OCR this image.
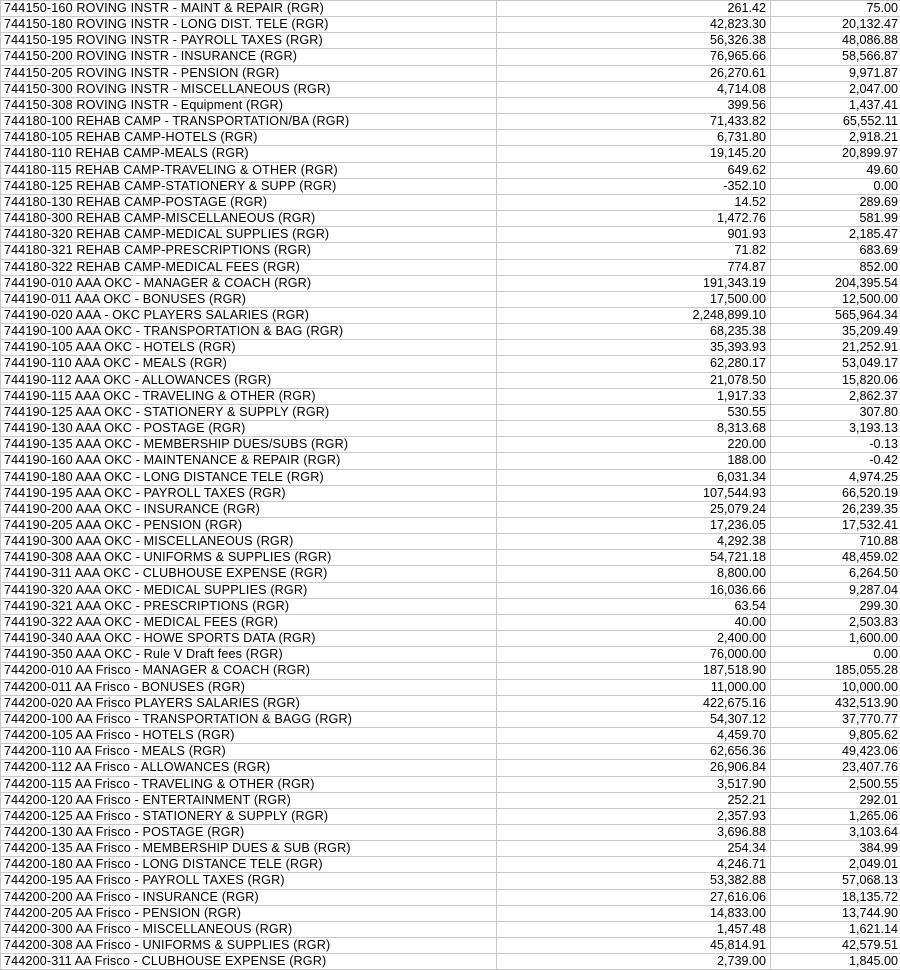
744150-160 ROVING INSTR - MAINT & REPAIR (RGR)	261.42	75.00
744150-180 ROVING INSTR - LONG DIST. TELE (RGR)	42,823.30	20,132.47
744150-195 ROVING INSTR - PAYROLL TAXES (RGR)	56,326.38	48,086.88
744150-200 ROVING INSTR - INSURANCE (RGR)	76,965.66	58,566.87
744150-205 ROVING INSTR - PENSION (RGR)	26,270.61	9,971.87
744150-300 ROVING INSTR - MISCELLANEOUS (RGR)	4,714.08	2,047.00
744150-308 ROVING INSTR - Equipment (RGR)	399.56	1,437.41
744180-100 REHAB CAMP - TRANSPORTATION/BA (RGR)	71,433.82	65,552.11
744180-105 REHAB CAMP-HOTELS (RGR)	6,731.80	2,918.21
744180-110 REHAB CAMP-MEALS (RGR)	19,145.20	20,899.97
744180-115 REHAB CAMP-TRAVELING & OTHER (RGR)	649.62	49.60
744180-125 REHAB CAMP-STATIONERY & SUPP (RGR)	-352.10	0.00
744180-130 REHAB CAMP-POSTAGE (RGR)	14.52	289.69
744180-300 REHAB CAMP-MISCELLANEOUS (RGR)	1,472.76	581.99
744180-320 REHAB CAMP-MEDICAL SUPPLIES (RGR)	901.93	2,185.47
744180-321 REHAB CAMP-PRESCRIPTIONS (RGR)	71.82	683.69
744180-322 REHAB CAMP-MEDICAL FEES (RGR)	774.87	852.00
744190-010 AAA OKC - MANAGER & COACH (RGR)	191,343.19	204,395.54
744190-011 AAA OKC - BONUSES (RGR)	17,500.00	12,500.00
744190-020 AAA - OKC PLAYERS SALARIES (RGR)	2,248,899.10	565,964.34
744190-100 AAA OKC - TRANSPORTATION & BAG (RGR)	68,235.38	35,209.49
744190-105 AAA OKC - HOTELS (RGR)	35,393.93	21,252.91
744190-110 AAA OKC - MEALS (RGR)	62,280.17	53,049.17
744190-112 AAA OKC - ALLOWANCES (RGR)	21,078.50	15,820.06
744190-115 AAA OKC - TRAVELING & OTHER (RGR)	1,917.33	2,862.37
744190-125 AAA OKC - STATIONERY & SUPPLY (RGR)	530.55	307.80
744190-130 AAA OKC - POSTAGE (RGR)	8,313.68	3,193.13
744190-135 AAA OKC - MEMBERSHIP DUES/SUBS (RGR)	220.00	-0.13
744190-160 AAA OKC - MAINTENANCE & REPAIR (RGR)	188.00	-0.42
744190-180 AAA OKC - LONG DISTANCE TELE (RGR)	6,031.34	4,974.25
744190-195 AAA OKC - PAYROLL TAXES (RGR)	107,544.93	66,520.19
744190-200 AAA OKC - INSURANCE (RGR)	25,079.24	26,239.35
744190-205 AAA OKC - PENSION (RGR)	17,236.05	17,532.41
744190-300 AAA OKC - MISCELLANEOUS (RGR)	4,292.38	710.88
744190-308 AAA OKC - UNIFORMS & SUPPLIES (RGR)	54,721.18	48,459.02
744190-311 AAA OKC - CLUBHOUSE EXPENSE (RGR)	8,800.00	6,264.50
744190-320 AAA OKC - MEDICAL SUPPLIES (RGR)	16,036.66	9,287.04
744190-321 AAA OKC - PRESCRIPTIONS (RGR)	63.54	299.30
744190-322 AAA OKC - MEDICAL FEES (RGR)	40.00	2,503.83
744190-340 AAA OKC - HOWE SPORTS DATA (RGR)	2,400.00	1,600.00
744190-350 AAA OKC - Rule V Draft fees (RGR)	76,000.00	0.00
744200-010 AA Frisco - MANAGER & COACH (RGR)	187,518.90	185,055.28
744200-011 AA Frisco - BONUSES (RGR)	11,000.00	10,000.00
744200-020 AA Frisco PLAYERS SALARIES (RGR)	422,675.16	432,513.90
744200-100 AA Frisco - TRANSPORTATION & BAGG (RGR)	54,307.12	37,770.77
744200-105 AA Frisco - HOTELS (RGR)	4,459.70	9,805.62
744200-110 AA Frisco - MEALS (RGR)	62,656.36	49,423.06
744200-112 AA Frisco - ALLOWANCES (RGR)	26,906.84	23,407.76
744200-115 AA Frisco - TRAVELING & OTHER (RGR)	3,517.90	2,500.55
744200-120 AA Frisco - ENTERTAINMENT (RGR)	252.21	292.01
744200-125 AA Frisco - STATIONERY & SUPPLY (RGR)	2,357.93	1,265.06
744200-130 AA Frisco - POSTAGE (RGR)	3,696.88	3,103.64
744200-135 AA Frisco - MEMBERSHIP DUES & SUB (RGR)	254.34	384.99
744200-180 AA Frisco - LONG DISTANCE TELE (RGR)	4,246.71	2,049.01
744200-195 AA Frisco - PAYROLL TAXES (RGR)	53,382.88	57,068.13
744200-200 AA Frisco - INSURANCE (RGR)	27,616.06	18,135.72
744200-205 AA Frisco - PENSION (RGR)	14,833.00	13,744.90
744200-300 AA Frisco - MISCELLANEOUS (RGR)	1,457.48	1,621.14
744200-308 AA Frisco - UNIFORMS & SUPPLIES (RGR)	45,814.91	42,579.51
744200-311 AA Frisco - CLUBHOUSE EXPENSE (RGR)	2,739.00	1,845.00
